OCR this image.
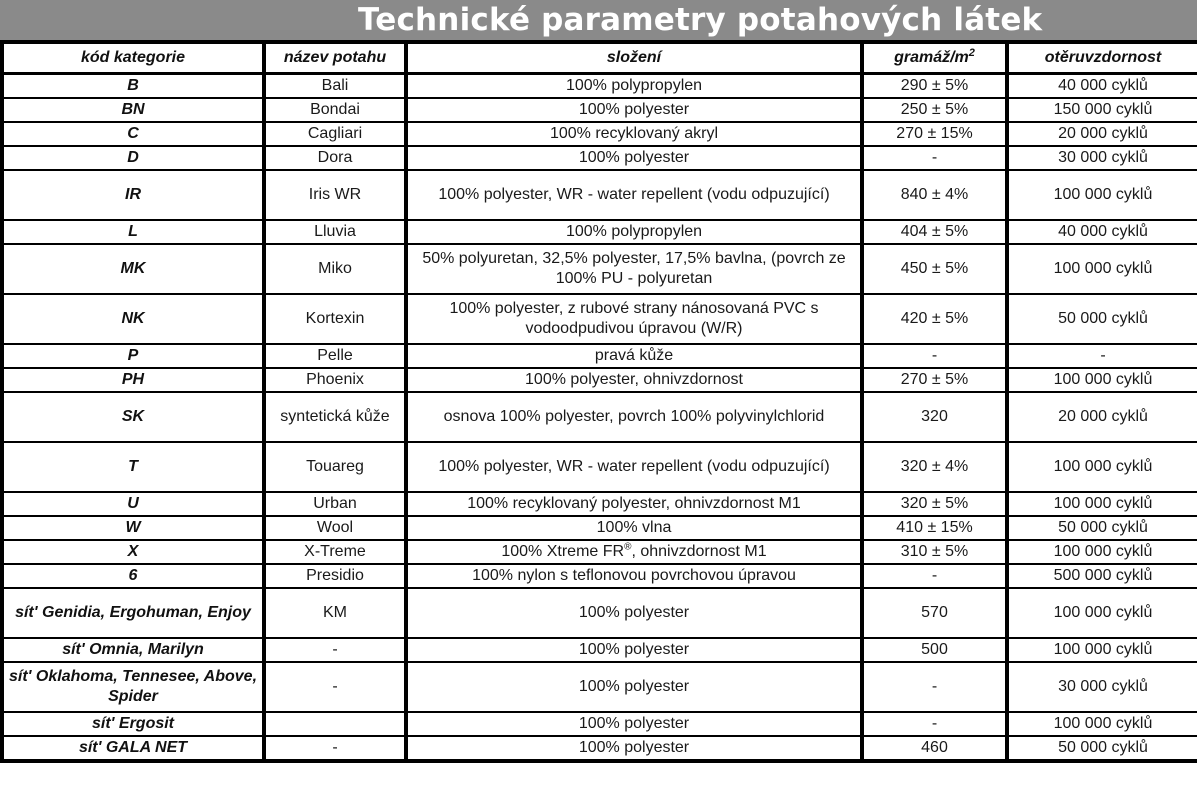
Technické parametry potahových látek
kód kategorie	název potahu	složení	gramáž/$m^2$	otěruvzdornost
B	Bali	100% polypropylen	290 ± 5%	40 000 cyklů
BN	Bondai	100% polyester	250 ± 5%	150 000 cyklů
C	Cagliari	100% recyklovaný akryl	270 ± 15%	20 000 cyklů
D	Dora	100% polyester	-	30 000 cyklů
IR	Iris WR	100% polyester, WR - water repellent (vodu odpuzující)	840 ± 4%	100 000 cyklů
L	Lluvia	100% polypropylen	404 ± 5%	40 000 cyklů
MK	Miko	50% polyuretan, 32,5% polyester, 17,5% bavlna, (povrch ze 100% PU - polyuretan	450 ± 5%	100 000 cyklů
NK	Kortexin	100% polyester, z rubové strany nánosovaná PVC s vodoodpudivou úpravou (W/R)	420 ± 5%	50 000 cyklů
P	Pelle	pravá kůže	-	-
PH	Phoenix	100% polyester, ohnivzdornost	270 ± 5%	100 000 cyklů
SK	syntetická kůže	osnova 100% polyester, povrch 100% polyvinylchlorid	320	20 000 cyklů
T	Touareg	100% polyester, WR - water repellent (vodu odpuzující)	320 ± 4%	100 000 cyklů
U	Urban	100% recyklovaný polyester, ohnivzdornost M1	320 ± 5%	100 000 cyklů
W	Wool	100% vlna	410 ± 15%	50 000 cyklů
X	X-Treme	100% Xtreme FR®, ohnivzdornost M1	310 ± 5%	100 000 cyklů
6	Presidio	100% nylon s teflonovou povrchovou úpravou	-	500 000 cyklů
sít' Genidia, Ergohuman, Enjoy	KM	100% polyester	570	100 000 cyklů
sít' Omnia, Marilyn	-	100% polyester	500	100 000 cyklů
sít' Oklahoma, Tennesee, Above, Spider	-	100% polyester	-	30 000 cyklů
sít' Ergosit		100% polyester	-	100 000 cyklů
sít' GALA NET	-	100% polyester	460	50 000 cyklů
